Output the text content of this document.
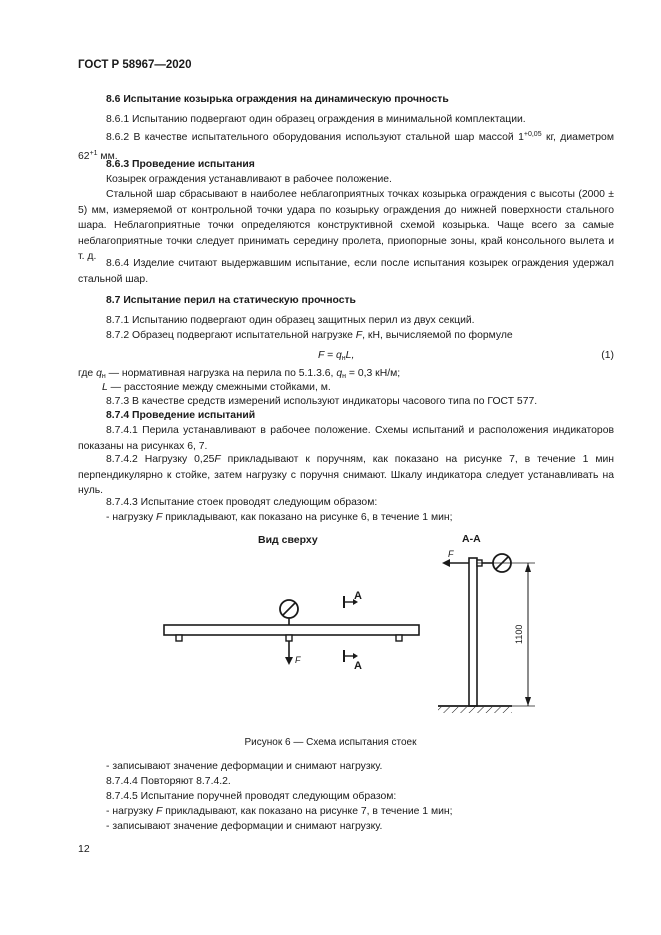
ГОСТ Р 58967—2020

8.6 Испытание козырька ограждения на динамическую прочность

8.6.1 Испытанию подвергают один образец ограждения в минимальной комплектации.

8.6.2 В качестве испытательного оборудования используют стальной шар массой $1^{+0,05}$ кг, диаметром $62^{+1}$ мм.

8.6.3 Проведение испытания

Козырек ограждения устанавливают в рабочее положение.

Стальной шар сбрасывают в наиболее неблагоприятных точках козырька ограждения с высоты (2000 ± 5) мм, измеряемой от контрольной точки удара по козырьку ограждения до нижней поверхности стального шара. Неблагоприятные точки определяются конструктивной схемой козырька. Чаще всего за самые неблагоприятные точки следует принимать середину пролета, приопорные зоны, край консольного вылета и т. д.

8.6.4 Изделие считают выдержавшим испытание, если после испытания козырек ограждения удержал стальной шар.

8.7 Испытание перил на статическую прочность

8.7.1 Испытанию подвергают один образец защитных перил из двух секций.

8.7.2 Образец подвергают испытательной нагрузке F, кН, вычисляемой по формуле

$F = q_нL$,	(1)

где $q_н$ — нормативная нагрузка на перила по 5.1.3.6, $q_н = 0,3$ кН/м;

L — расстояние между смежными стойками, м.

8.7.3 В качестве средств измерений используют индикаторы часового типа по ГОСТ 577.

8.7.4 Проведение испытаний

8.7.4.1 Перила устанавливают в рабочее положение. Схемы испытаний и расположения индикаторов показаны на рисунках 6, 7.

8.7.4.2 Нагрузку 0,25F прикладывают к поручням, как показано на рисунке 7, в течение 1 мин перпендикулярно к стойке, затем нагрузку с поручня снимают. Шкалу индикатора следует устанавливать на нуль.

8.7.4.3 Испытание стоек проводят следующим образом:

- нагрузку F прикладывают, как показано на рисунке 6, в течение 1 мин;

Вид сверху	А-А
F
А
А
F
1100
Рисунок 6 — Схема испытания стоек

- записывают значение деформации и снимают нагрузку.

8.7.4.4 Повторяют 8.7.4.2.

8.7.4.5 Испытание поручней проводят следующим образом:

- нагрузку F прикладывают, как показано на рисунке 7, в течение 1 мин;

- записывают значение деформации и снимают нагрузку.

12
